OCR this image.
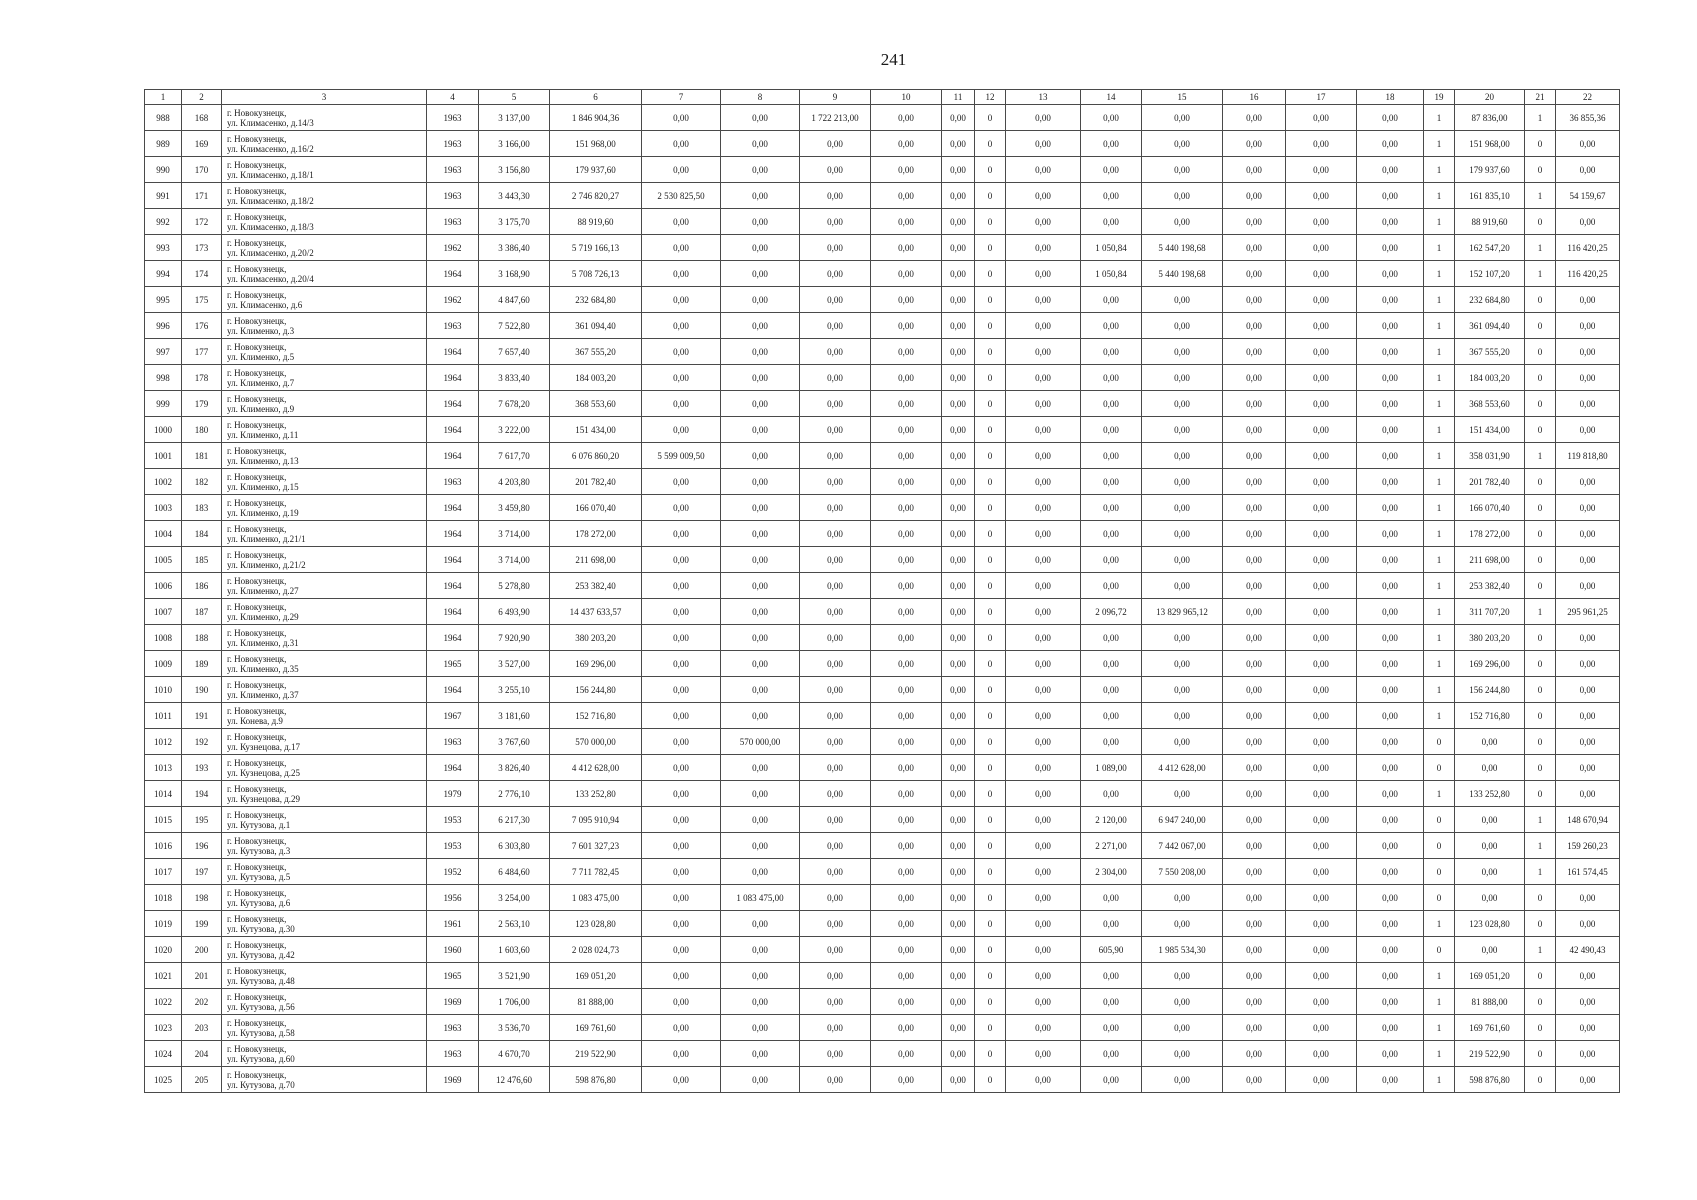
241
1	2	3	4	5	6	7	8	9	10	11	12	13	14	15	16	17	18	19	20	21	22
988	168	г. Новокузнецк,
ул. Климасенко, д.14/3	1963	3 137,00	1 846 904,36	0,00	0,00	1 722 213,00	0,00	0,00	0	0,00	0,00	0,00	0,00	0,00	0,00	1	87 836,00	1	36 855,36
989	169	г. Новокузнецк,
ул. Климасенко, д.16/2	1963	3 166,00	151 968,00	0,00	0,00	0,00	0,00	0,00	0	0,00	0,00	0,00	0,00	0,00	0,00	1	151 968,00	0	0,00
990	170	г. Новокузнецк,
ул. Климасенко, д.18/1	1963	3 156,80	179 937,60	0,00	0,00	0,00	0,00	0,00	0	0,00	0,00	0,00	0,00	0,00	0,00	1	179 937,60	0	0,00
991	171	г. Новокузнецк,
ул. Климасенко, д.18/2	1963	3 443,30	2 746 820,27	2 530 825,50	0,00	0,00	0,00	0,00	0	0,00	0,00	0,00	0,00	0,00	0,00	1	161 835,10	1	54 159,67
992	172	г. Новокузнецк,
ул. Климасенко, д.18/3	1963	3 175,70	88 919,60	0,00	0,00	0,00	0,00	0,00	0	0,00	0,00	0,00	0,00	0,00	0,00	1	88 919,60	0	0,00
993	173	г. Новокузнецк,
ул. Климасенко, д.20/2	1962	3 386,40	5 719 166,13	0,00	0,00	0,00	0,00	0,00	0	0,00	1 050,84	5 440 198,68	0,00	0,00	0,00	1	162 547,20	1	116 420,25
994	174	г. Новокузнецк,
ул. Климасенко, д.20/4	1964	3 168,90	5 708 726,13	0,00	0,00	0,00	0,00	0,00	0	0,00	1 050,84	5 440 198,68	0,00	0,00	0,00	1	152 107,20	1	116 420,25
995	175	г. Новокузнецк,
ул. Климасенко, д.6	1962	4 847,60	232 684,80	0,00	0,00	0,00	0,00	0,00	0	0,00	0,00	0,00	0,00	0,00	0,00	1	232 684,80	0	0,00
996	176	г. Новокузнецк,
ул. Клименко, д.3	1963	7 522,80	361 094,40	0,00	0,00	0,00	0,00	0,00	0	0,00	0,00	0,00	0,00	0,00	0,00	1	361 094,40	0	0,00
997	177	г. Новокузнецк,
ул. Клименко, д.5	1964	7 657,40	367 555,20	0,00	0,00	0,00	0,00	0,00	0	0,00	0,00	0,00	0,00	0,00	0,00	1	367 555,20	0	0,00
998	178	г. Новокузнецк,
ул. Клименко, д.7	1964	3 833,40	184 003,20	0,00	0,00	0,00	0,00	0,00	0	0,00	0,00	0,00	0,00	0,00	0,00	1	184 003,20	0	0,00
999	179	г. Новокузнецк,
ул. Клименко, д.9	1964	7 678,20	368 553,60	0,00	0,00	0,00	0,00	0,00	0	0,00	0,00	0,00	0,00	0,00	0,00	1	368 553,60	0	0,00
1000	180	г. Новокузнецк,
ул. Клименко, д.11	1964	3 222,00	151 434,00	0,00	0,00	0,00	0,00	0,00	0	0,00	0,00	0,00	0,00	0,00	0,00	1	151 434,00	0	0,00
1001	181	г. Новокузнецк,
ул. Клименко, д.13	1964	7 617,70	6 076 860,20	5 599 009,50	0,00	0,00	0,00	0,00	0	0,00	0,00	0,00	0,00	0,00	0,00	1	358 031,90	1	119 818,80
1002	182	г. Новокузнецк,
ул. Клименко, д.15	1963	4 203,80	201 782,40	0,00	0,00	0,00	0,00	0,00	0	0,00	0,00	0,00	0,00	0,00	0,00	1	201 782,40	0	0,00
1003	183	г. Новокузнецк,
ул. Клименко, д.19	1964	3 459,80	166 070,40	0,00	0,00	0,00	0,00	0,00	0	0,00	0,00	0,00	0,00	0,00	0,00	1	166 070,40	0	0,00
1004	184	г. Новокузнецк,
ул. Клименко, д.21/1	1964	3 714,00	178 272,00	0,00	0,00	0,00	0,00	0,00	0	0,00	0,00	0,00	0,00	0,00	0,00	1	178 272,00	0	0,00
1005	185	г. Новокузнецк,
ул. Клименко, д.21/2	1964	3 714,00	211 698,00	0,00	0,00	0,00	0,00	0,00	0	0,00	0,00	0,00	0,00	0,00	0,00	1	211 698,00	0	0,00
1006	186	г. Новокузнецк,
ул. Клименко, д.27	1964	5 278,80	253 382,40	0,00	0,00	0,00	0,00	0,00	0	0,00	0,00	0,00	0,00	0,00	0,00	1	253 382,40	0	0,00
1007	187	г. Новокузнецк,
ул. Клименко, д.29	1964	6 493,90	14 437 633,57	0,00	0,00	0,00	0,00	0,00	0	0,00	2 096,72	13 829 965,12	0,00	0,00	0,00	1	311 707,20	1	295 961,25
1008	188	г. Новокузнецк,
ул. Клименко, д.31	1964	7 920,90	380 203,20	0,00	0,00	0,00	0,00	0,00	0	0,00	0,00	0,00	0,00	0,00	0,00	1	380 203,20	0	0,00
1009	189	г. Новокузнецк,
ул. Клименко, д.35	1965	3 527,00	169 296,00	0,00	0,00	0,00	0,00	0,00	0	0,00	0,00	0,00	0,00	0,00	0,00	1	169 296,00	0	0,00
1010	190	г. Новокузнецк,
ул. Клименко, д.37	1964	3 255,10	156 244,80	0,00	0,00	0,00	0,00	0,00	0	0,00	0,00	0,00	0,00	0,00	0,00	1	156 244,80	0	0,00
1011	191	г. Новокузнецк,
ул. Конева, д.9	1967	3 181,60	152 716,80	0,00	0,00	0,00	0,00	0,00	0	0,00	0,00	0,00	0,00	0,00	0,00	1	152 716,80	0	0,00
1012	192	г. Новокузнецк,
ул. Кузнецова, д.17	1963	3 767,60	570 000,00	0,00	570 000,00	0,00	0,00	0,00	0	0,00	0,00	0,00	0,00	0,00	0,00	0	0,00	0	0,00
1013	193	г. Новокузнецк,
ул. Кузнецова, д.25	1964	3 826,40	4 412 628,00	0,00	0,00	0,00	0,00	0,00	0	0,00	1 089,00	4 412 628,00	0,00	0,00	0,00	0	0,00	0	0,00
1014	194	г. Новокузнецк,
ул. Кузнецова, д.29	1979	2 776,10	133 252,80	0,00	0,00	0,00	0,00	0,00	0	0,00	0,00	0,00	0,00	0,00	0,00	1	133 252,80	0	0,00
1015	195	г. Новокузнецк,
ул. Кутузова, д.1	1953	6 217,30	7 095 910,94	0,00	0,00	0,00	0,00	0,00	0	0,00	2 120,00	6 947 240,00	0,00	0,00	0,00	0	0,00	1	148 670,94
1016	196	г. Новокузнецк,
ул. Кутузова, д.3	1953	6 303,80	7 601 327,23	0,00	0,00	0,00	0,00	0,00	0	0,00	2 271,00	7 442 067,00	0,00	0,00	0,00	0	0,00	1	159 260,23
1017	197	г. Новокузнецк,
ул. Кутузова, д.5	1952	6 484,60	7 711 782,45	0,00	0,00	0,00	0,00	0,00	0	0,00	2 304,00	7 550 208,00	0,00	0,00	0,00	0	0,00	1	161 574,45
1018	198	г. Новокузнецк,
ул. Кутузова, д.6	1956	3 254,00	1 083 475,00	0,00	1 083 475,00	0,00	0,00	0,00	0	0,00	0,00	0,00	0,00	0,00	0,00	0	0,00	0	0,00
1019	199	г. Новокузнецк,
ул. Кутузова, д.30	1961	2 563,10	123 028,80	0,00	0,00	0,00	0,00	0,00	0	0,00	0,00	0,00	0,00	0,00	0,00	1	123 028,80	0	0,00
1020	200	г. Новокузнецк,
ул. Кутузова, д.42	1960	1 603,60	2 028 024,73	0,00	0,00	0,00	0,00	0,00	0	0,00	605,90	1 985 534,30	0,00	0,00	0,00	0	0,00	1	42 490,43
1021	201	г. Новокузнецк,
ул. Кутузова, д.48	1965	3 521,90	169 051,20	0,00	0,00	0,00	0,00	0,00	0	0,00	0,00	0,00	0,00	0,00	0,00	1	169 051,20	0	0,00
1022	202	г. Новокузнецк,
ул. Кутузова, д.56	1969	1 706,00	81 888,00	0,00	0,00	0,00	0,00	0,00	0	0,00	0,00	0,00	0,00	0,00	0,00	1	81 888,00	0	0,00
1023	203	г. Новокузнецк,
ул. Кутузова, д.58	1963	3 536,70	169 761,60	0,00	0,00	0,00	0,00	0,00	0	0,00	0,00	0,00	0,00	0,00	0,00	1	169 761,60	0	0,00
1024	204	г. Новокузнецк,
ул. Кутузова, д.60	1963	4 670,70	219 522,90	0,00	0,00	0,00	0,00	0,00	0	0,00	0,00	0,00	0,00	0,00	0,00	1	219 522,90	0	0,00
1025	205	г. Новокузнецк,
ул. Кутузова, д.70	1969	12 476,60	598 876,80	0,00	0,00	0,00	0,00	0,00	0	0,00	0,00	0,00	0,00	0,00	0,00	1	598 876,80	0	0,00
